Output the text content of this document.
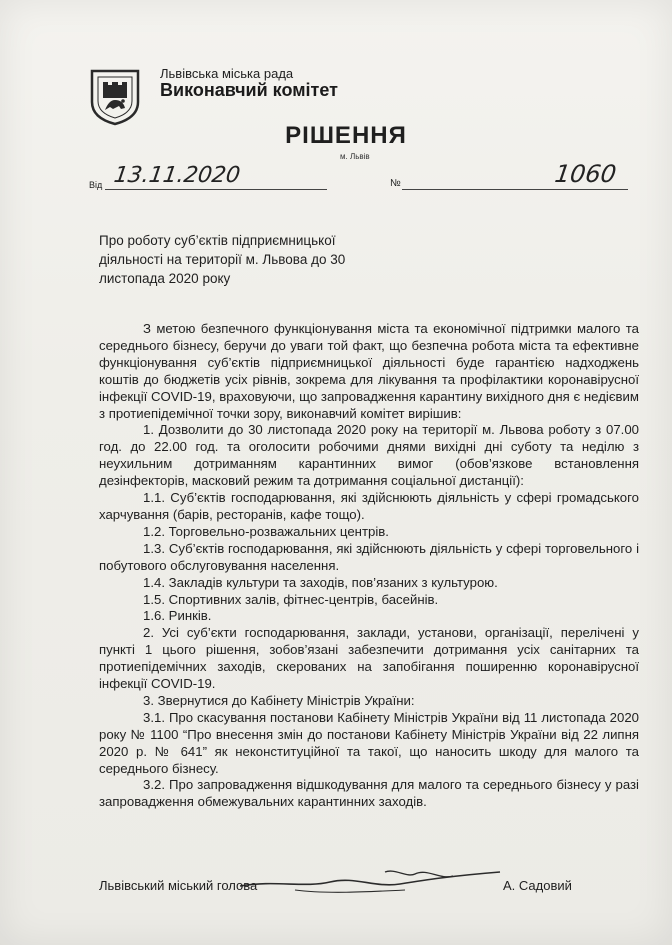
Львівська міська рада
Виконавчий комітет
РІШЕННЯ
м. Львів
Від 13.11.2020	№	1060
Про роботу суб’єктів підприємницької діяльності на території м. Львова до 30 листопада 2020 року

З метою безпечного функціонування міста та економічної підтримки малого та середнього бізнесу, беручи до уваги той факт, що безпечна робота міста та ефективне функціонування суб’єктів підприємницької діяльності буде гарантією надходжень коштів до бюджетів усіх рівнів, зокрема для лікування та профілактики коронавірусної інфекції COVID-19, враховуючи, що запровадження карантину вихідного дня є недієвим з протиепідемічної точки зору, виконавчий комітет вирішив:

1. Дозволити до 30 листопада 2020 року на території м. Львова роботу з 07.00 год. до 22.00 год. та оголосити робочими днями вихідні дні суботу та неділю з неухильним дотриманням карантинних вимог (обов’язкове встановлення дезінфекторів, масковий режим та дотримання соціальної дистанції):

1.1. Суб’єктів господарювання, які здійснюють діяльність у сфері громадського харчування (барів, ресторанів, кафе тощо).

1.2. Торговельно-розважальних центрів.

1.3. Суб’єктів господарювання, які здійснюють діяльність у сфері торговельного і побутового обслуговування населення.

1.4. Закладів культури та заходів, пов’язаних з культурою.

1.5. Спортивних залів, фітнес-центрів, басейнів.

1.6. Ринків.

2. Усі суб’єкти господарювання, заклади, установи, організації, перелічені у пункті 1 цього рішення, зобов’язані забезпечити дотримання усіх санітарних та протиепідемічних заходів, скерованих на запобігання поширенню коронавірусної інфекції COVID-19.

3. Звернутися до Кабінету Міністрів України:

3.1. Про скасування постанови Кабінету Міністрів України від 11 листопада 2020 року № 1100 “Про внесення змін до постанови Кабінету Міністрів України від 22 липня 2020 р. № 641” як неконституційної та такої, що наносить шкоду для малого та середнього бізнесу.

3.2. Про запровадження відшкодування для малого та середнього бізнесу у разі запровадження обмежувальних карантинних заходів.

Львівський міський голова	А. Садовий
